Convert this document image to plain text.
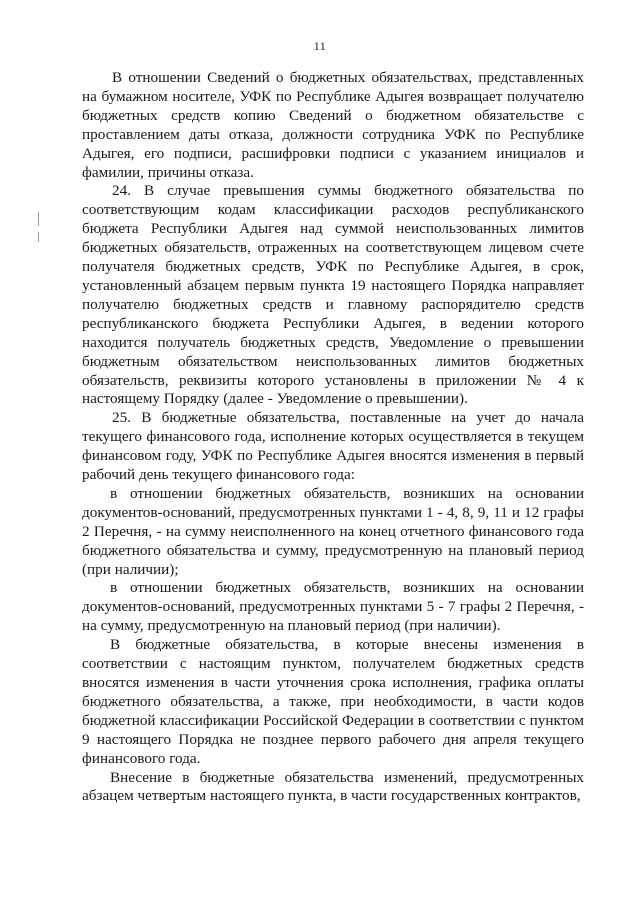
11

В отношении Сведений о бюджетных обязательствах, представленных на бумажном носителе, УФК по Республике Адыгея возвращает получателю бюджетных средств копию Сведений о бюджетном обязательстве с проставлением даты отказа, должности сотрудника УФК по Республике Адыгея, его подписи, расшифровки подписи с указанием инициалов и фамилии, причины отказа.

24. В случае превышения суммы бюджетного обязательства по соответствующим кодам классификации расходов республиканского бюджета Республики Адыгея над суммой неиспользованных лимитов бюджетных обязательств, отраженных на соответствующем лицевом счете получателя бюджетных средств, УФК по Республике Адыгея, в срок, установленный абзацем первым пункта 19 настоящего Порядка направляет получателю бюджетных средств и главному распорядителю средств республиканского бюджета Республики Адыгея, в ведении которого находится получатель бюджетных средств, Уведомление о превышении бюджетным обязательством неиспользованных лимитов бюджетных обязательств, реквизиты которого установлены в приложении № 4 к настоящему Порядку (далее - Уведомление о превышении).

25. В бюджетные обязательства, поставленные на учет до начала текущего финансового года, исполнение которых осуществляется в текущем финансовом году, УФК по Республике Адыгея вносятся изменения в первый рабочий день текущего финансового года:

в отношении бюджетных обязательств, возникших на основании документов-оснований, предусмотренных пунктами 1 - 4, 8, 9, 11 и 12 графы 2 Перечня, - на сумму неисполненного на конец отчетного финансового года бюджетного обязательства и сумму, предусмотренную на плановый период (при наличии);

в отношении бюджетных обязательств, возникших на основании документов-оснований, предусмотренных пунктами 5 - 7 графы 2 Перечня, - на сумму, предусмотренную на плановый период (при наличии).

В бюджетные обязательства, в которые внесены изменения в соответствии с настоящим пунктом, получателем бюджетных средств вносятся изменения в части уточнения срока исполнения, графика оплаты бюджетного обязательства, а также, при необходимости, в части кодов бюджетной классификации Российской Федерации в соответствии с пунктом 9 настоящего Порядка не позднее первого рабочего дня апреля текущего финансового года.

Внесение в бюджетные обязательства изменений, предусмотренных абзацем четвертым настоящего пункта, в части государственных контрактов,
